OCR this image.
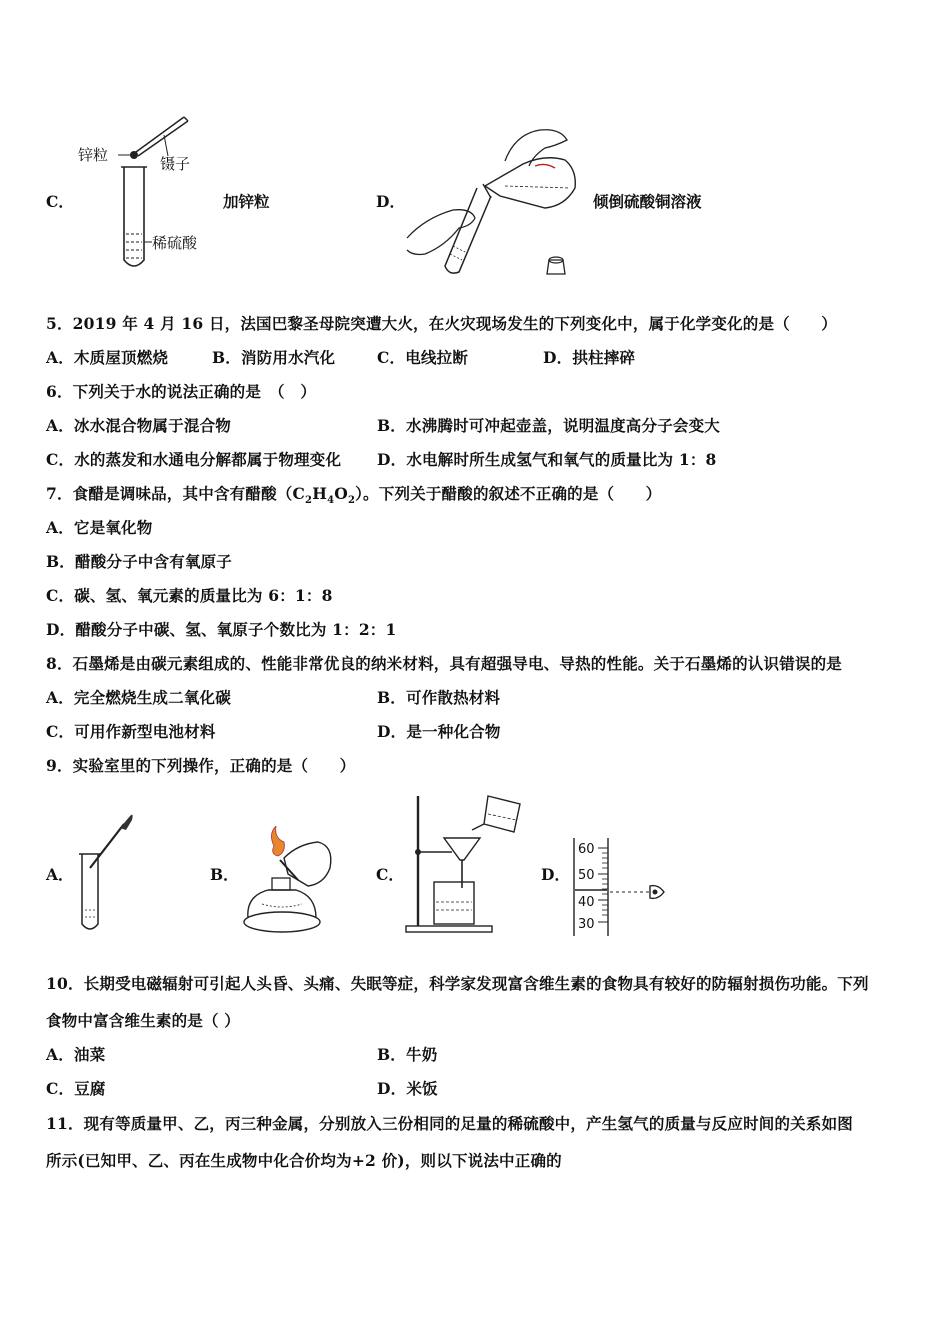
C．
锌粒	镊子
稀硫酸
加锌粒	D．	倾倒硫酸铜溶液
5．2019 年 4 月 16 日，法国巴黎圣母院突遭大火，在火灾现场发生的下列变化中，属于化学变化的是（　　）
A．木质屋顶燃烧	B．消防用水汽化	C．电线拉断	D．拱柱摔碎
6．下列关于水的说法正确的是　（　）
A．冰水混合物属于混合物	B．水沸腾时可冲起壶盖，说明温度高分子会变大
C．水的蒸发和水通电分解都属于物理变化 D．水电解时所生成氢气和氧气的质量比为 1：8
7．食醋是调味品，其中含有醋酸$(C_2H_4O_2)$。下列关于醋酸的叙述不正确的是（　　）
A．它是氧化物
B．醋酸分子中含有氧原子
C．碳、氢、氧元素的质量比为 6：1：8
D．醋酸分子中碳、氢、氧原子个数比为 1：2：1
8．石墨烯是由碳元素组成的、性能非常优良的纳米材料，具有超强导电、导热的性能。关于石墨烯的认识错误的是
A．完全燃烧生成二氧化碳	B．可作散热材料
C．可用作新型电池材料	D．是一种化合物
9．实验室里的下列操作，正确的是（　　）
A．	B．	C．	D．
60
50
40
30
10．长期受电磁辐射可引起人头昏、头痛、失眠等症，科学家发现富含维生素的食物具有较好的防辐射损伤功能。下列
食物中富含维生素的是（ ）
A．油菜	B．牛奶
C．豆腐	D．米饭
11．现有等质量甲、乙，丙三种金属，分别放入三份相同的足量的稀硫酸中，产生氢气的质量与反应时间的关系如图
所示(已知甲、乙、丙在生成物中化合价均为+2 价)，则以下说法中正确的
